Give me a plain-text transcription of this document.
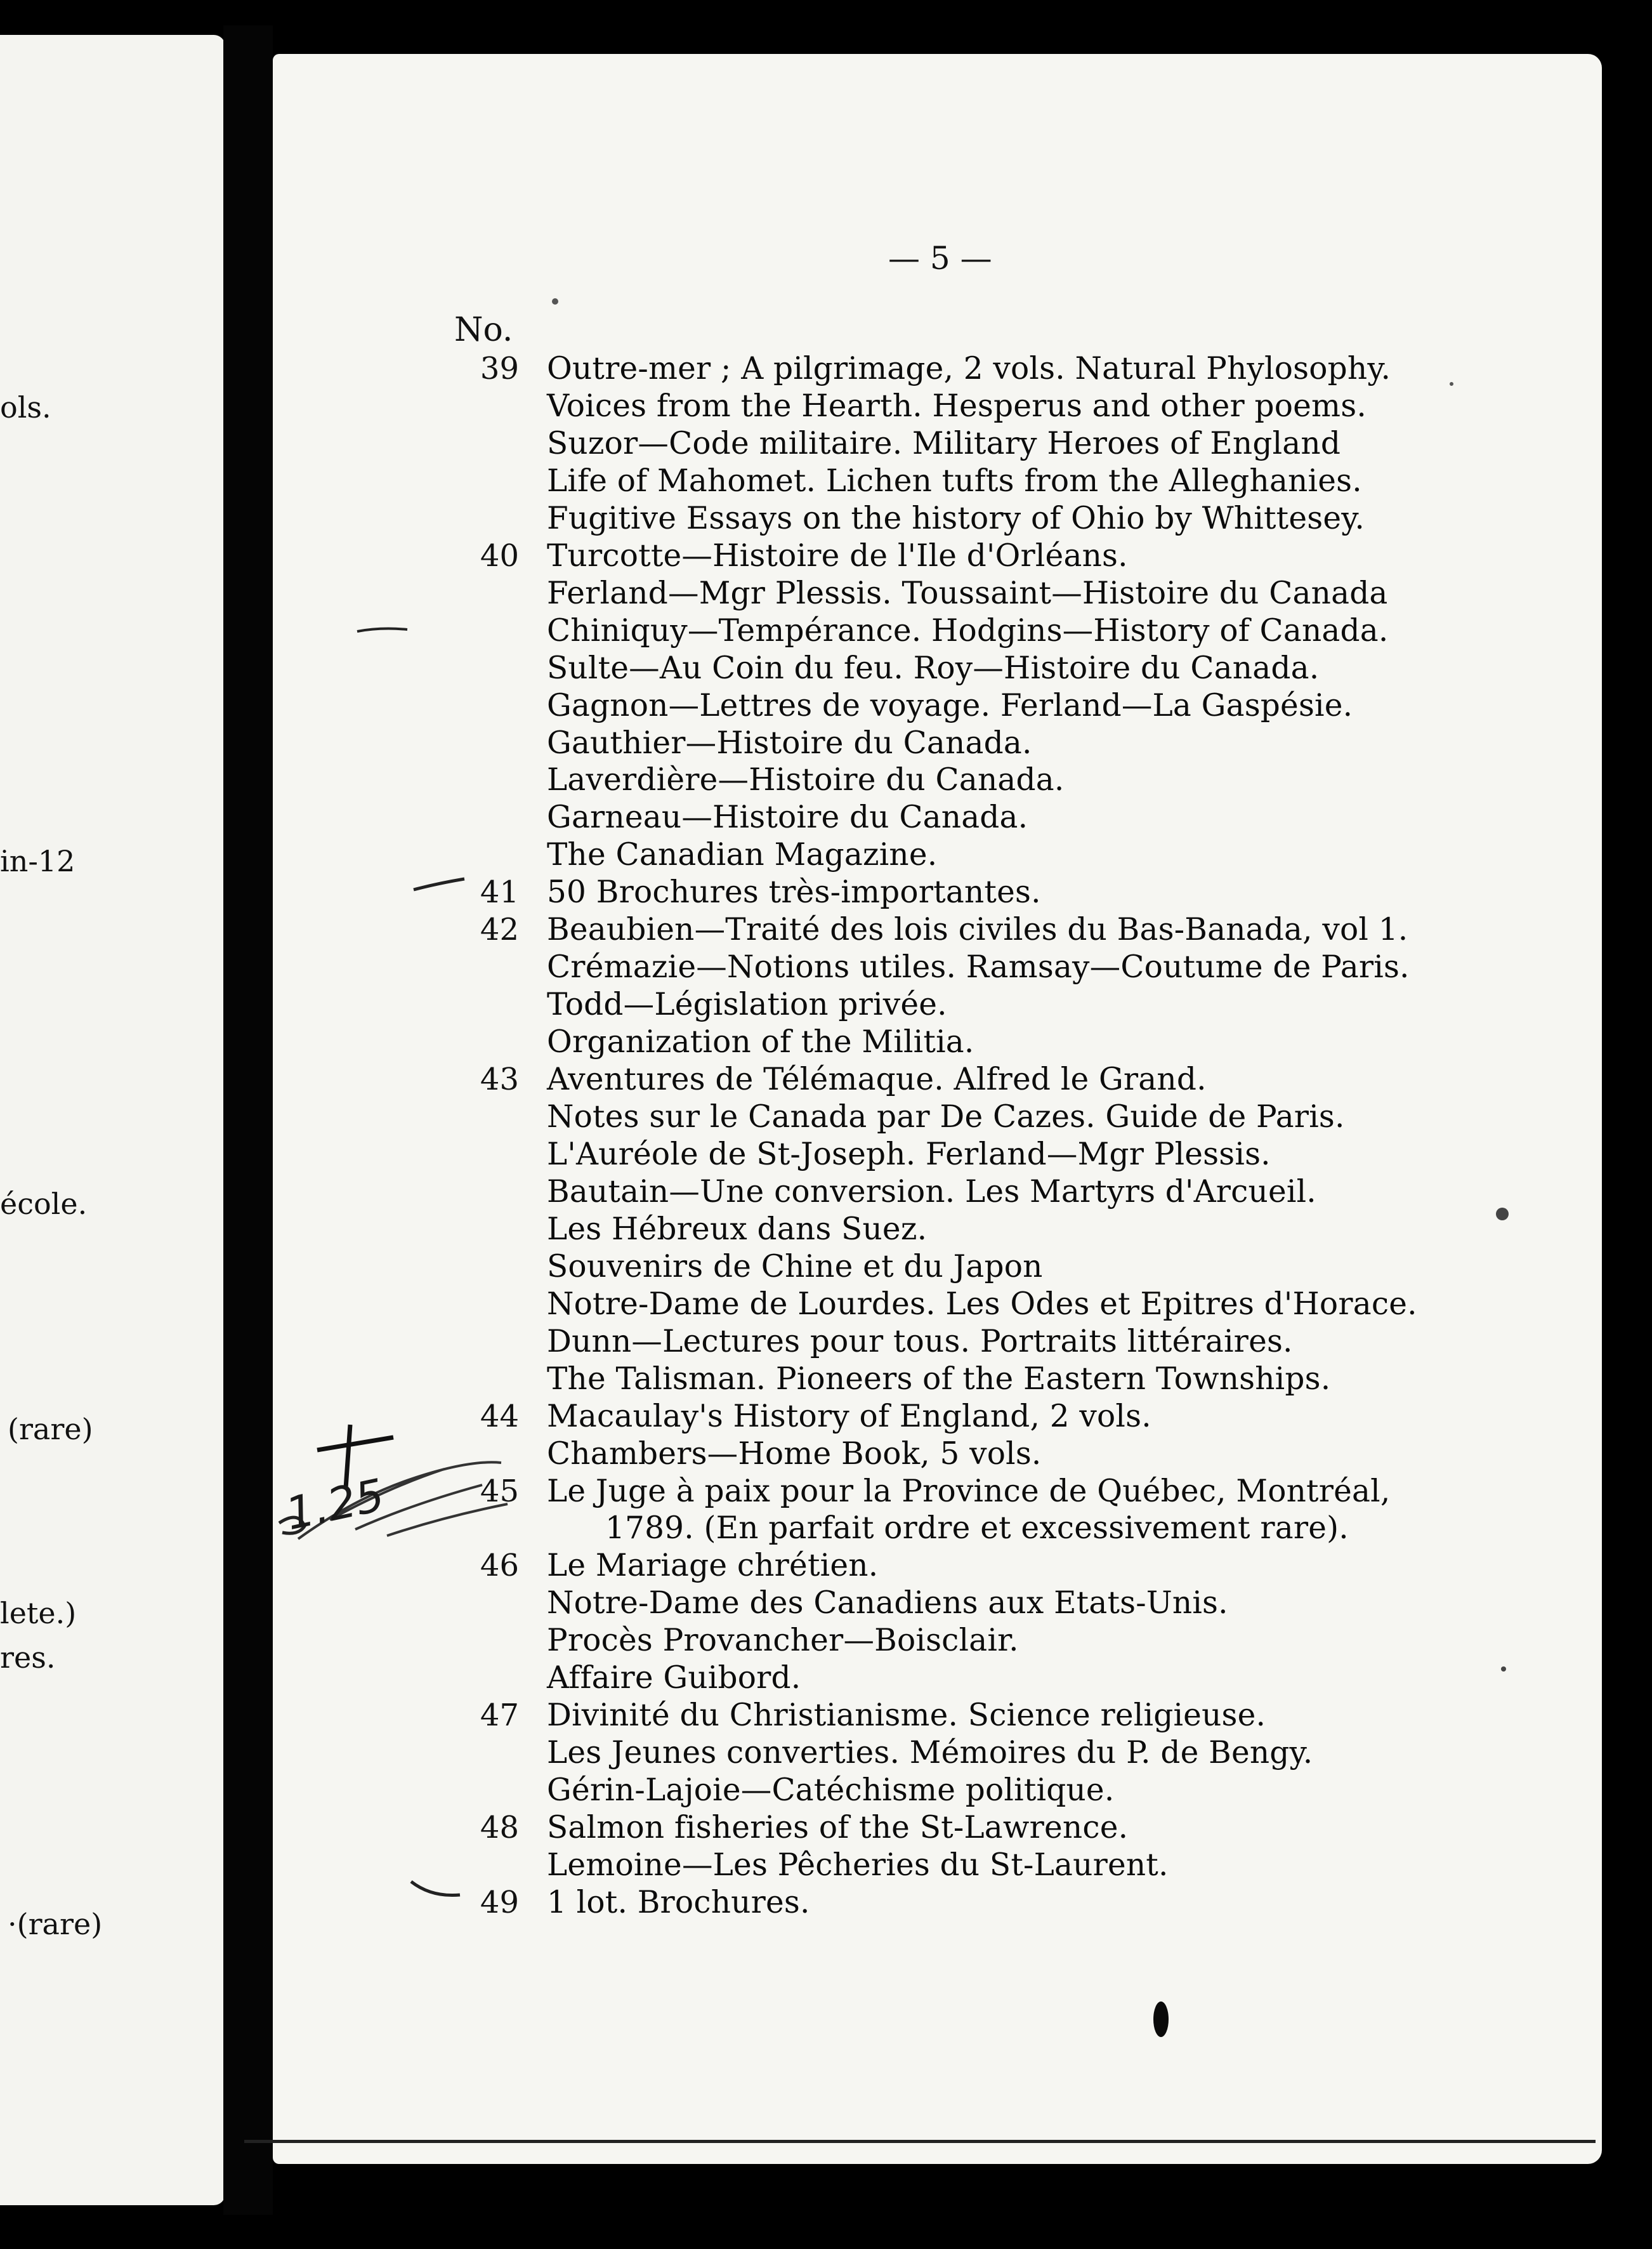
ols.
in-12
école.
(rare)
lete.)
res.
·(rare)
— 5 —
No.
39 Outre-mer ; A pilgrimage, 2 vols. Natural Phylosophy.
Voices from the Hearth. Hesperus and other poems.
Suzor—Code militaire. Military Heroes of England
Life of Mahomet. Lichen tufts from the Alleghanies.
Fugitive Essays on the history of Ohio by Whittesey.
40 Turcotte—Histoire de l'Ile d'Orléans.
Ferland—Mgr Plessis. Toussaint—Histoire du Canada
Chiniquy—Tempérance. Hodgins—History of Canada.
Sulte—Au Coin du feu. Roy—Histoire du Canada.
Gagnon—Lettres de voyage. Ferland—La Gaspésie.
Gauthier—Histoire du Canada.
Laverdière—Histoire du Canada.
Garneau—Histoire du Canada.
The Canadian Magazine.
41 50 Brochures très-importantes.
42 Beaubien—Traité des lois civiles du Bas-Banada, vol 1.
Crémazie—Notions utiles. Ramsay—Coutume de Paris.
Todd—Législation privée.
Organization of the Militia.
43 Aventures de Télémaque. Alfred le Grand.
Notes sur le Canada par De Cazes. Guide de Paris.
L'Auréole de St-Joseph. Ferland—Mgr Plessis.
Bautain—Une conversion. Les Martyrs d'Arcueil.
Les Hébreux dans Suez.
Souvenirs de Chine et du Japon
Notre-Dame de Lourdes. Les Odes et Epitres d'Horace.
Dunn—Lectures pour tous. Portraits littéraires.
The Talisman. Pioneers of the Eastern Townships.
44 Macaulay's History of England, 2 vols.
Chambers—Home Book, 5 vols.
45 Le Juge à paix pour la Province de Québec, Montréal,
1789. (En parfait ordre et excessivement rare).
46 Le Mariage chrétien.
Notre-Dame des Canadiens aux Etats-Unis.
Procès Provancher—Boisclair.
Affaire Guibord.
47 Divinité du Christianisme. Science religieuse.
Les Jeunes converties. Mémoires du P. de Bengy.
Gérin-Lajoie—Catéchisme politique.
48 Salmon fisheries of the St-Lawrence.
Lemoine—Les Pêcheries du St-Laurent.
49 1 lot. Brochures.
1.25
